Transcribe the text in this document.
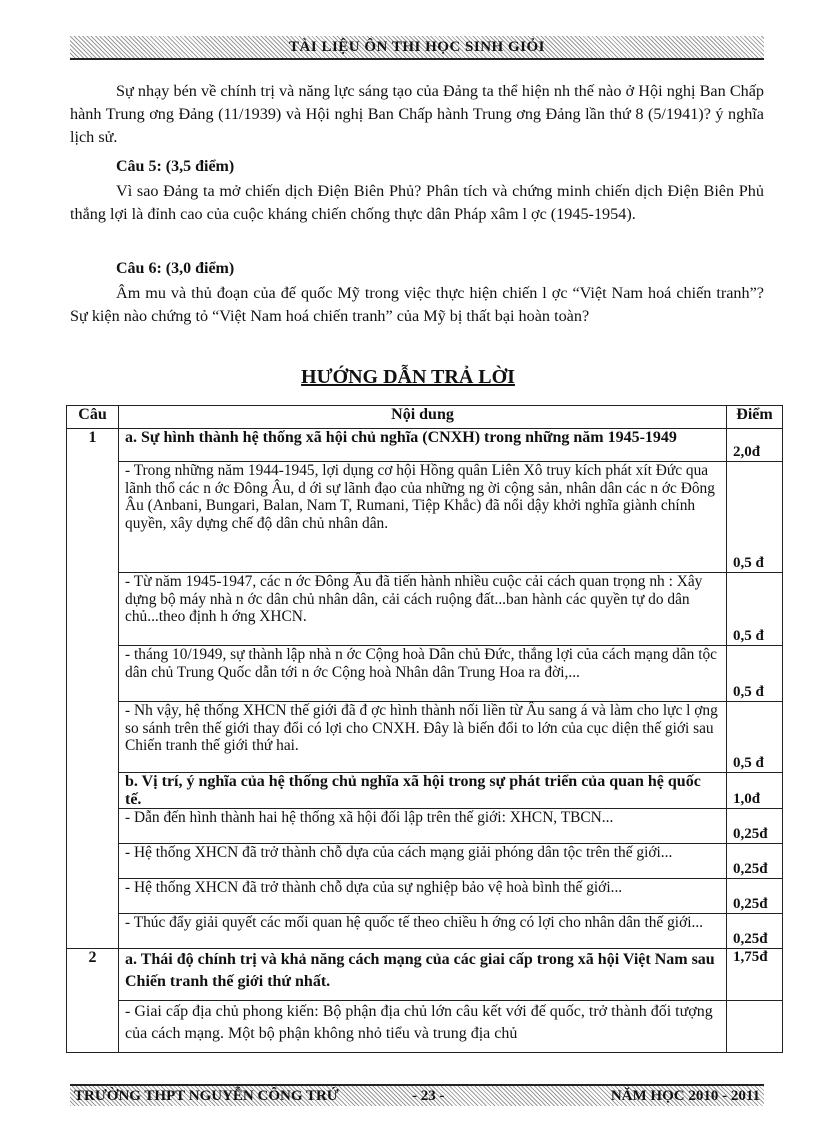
TÀI LIỆU ÔN THI HỌC SINH GIỎI
Sự nhạy bén về chính trị và năng lực sáng tạo của Đảng ta thể hiện nh thế nào ở Hội nghị Ban Chấp hành Trung ơng Đảng (11/1939) và Hội nghị Ban Chấp hành Trung ơng Đảng lần thứ 8 (5/1941)? ý nghĩa lịch sử.
Câu 5: (3,5 điểm)
Vì sao Đảng ta mở chiến dịch Điện Biên Phủ? Phân tích và chứng minh chiến dịch Điện Biên Phủ thắng lợi là đỉnh cao của cuộc kháng chiến chống thực dân Pháp xâm l ợc (1945-1954).
Câu 6: (3,0 điểm)
Âm mu và thủ đoạn của đế quốc Mỹ trong việc thực hiện chiến l ợc “Việt Nam hoá chiến tranh”? Sự kiện nào chứng tỏ “Việt Nam hoá chiến tranh” của Mỹ bị thất bại hoàn toàn?
HƯỚNG DẪN TRẢ LỜI
Câu	Nội dung	Điểm
1	a. Sự hình thành hệ thống xã hội chủ nghĩa (CNXH) trong những năm 1945-1949	2,0đ
	- Trong những năm 1944-1945, lợi dụng cơ hội Hồng quân Liên Xô truy kích phát xít Đức qua lãnh thổ các n ớc Đông Âu, d ới sự lãnh đạo của những ng ời cộng sản, nhân dân các n ớc Đông Âu (Anbani, Bungari, Balan, Nam T, Rumani, Tiệp Khắc) đã nổi dậy khởi nghĩa giành chính quyền, xây dựng chế độ dân chủ nhân dân.	0,5 đ
	- Từ năm 1945-1947, các n ớc Đông Âu đã tiến hành nhiều cuộc cải cách quan trọng nh : Xây dựng bộ máy nhà n ớc dân chủ nhân dân, cải cách ruộng đất...ban hành các quyền tự do dân chủ...theo định h ớng XHCN.	0,5 đ
	- tháng 10/1949, sự thành lập nhà n ớc Cộng hoà Dân chủ Đức, thắng lợi của cách mạng dân tộc dân chủ Trung Quốc dẫn tới n ớc Cộng hoà Nhân dân Trung Hoa ra đời,...	0,5 đ
	- Nh vậy, hệ thống XHCN thế giới đã đ ợc hình thành nối liền từ Âu sang á và làm cho lực l ợng so sánh trên thế giới thay đổi có lợi cho CNXH. Đây là biến đổi to lớn của cục diện thế giới sau Chiến tranh thế giới thứ hai.	0,5 đ
	b. Vị trí, ý nghĩa của hệ thống chủ nghĩa xã hội trong sự phát triển của quan hệ quốc tế.	1,0đ
	- Dẫn đến hình thành hai hệ thống xã hội đối lập trên thế giới: XHCN, TBCN...	0,25đ
	- Hệ thống XHCN đã trở thành chỗ dựa của cách mạng giải phóng dân tộc trên thế giới...	0,25đ
	- Hệ thống XHCN đã trở thành chỗ dựa của sự nghiệp bảo vệ hoà bình thế giới...	0,25đ
	- Thúc đẩy giải quyết các mối quan hệ quốc tế theo chiều h ớng có lợi cho nhân dân thế giới...	0,25đ
2	a. Thái độ chính trị và khả năng cách mạng của các giai cấp trong xã hội Việt Nam sau Chiến tranh thế giới thứ nhất.	1,75đ
	- Giai cấp địa chủ phong kiến: Bộ phận địa chủ lớn câu kết với đế quốc, trở thành đối tượng của cách mạng. Một bộ phận không nhỏ tiểu và trung địa chủ	
TRƯỜNG THPT NGUYỄN CÔNG TRỨ	- 23 -	NĂM HỌC 2010 - 2011
